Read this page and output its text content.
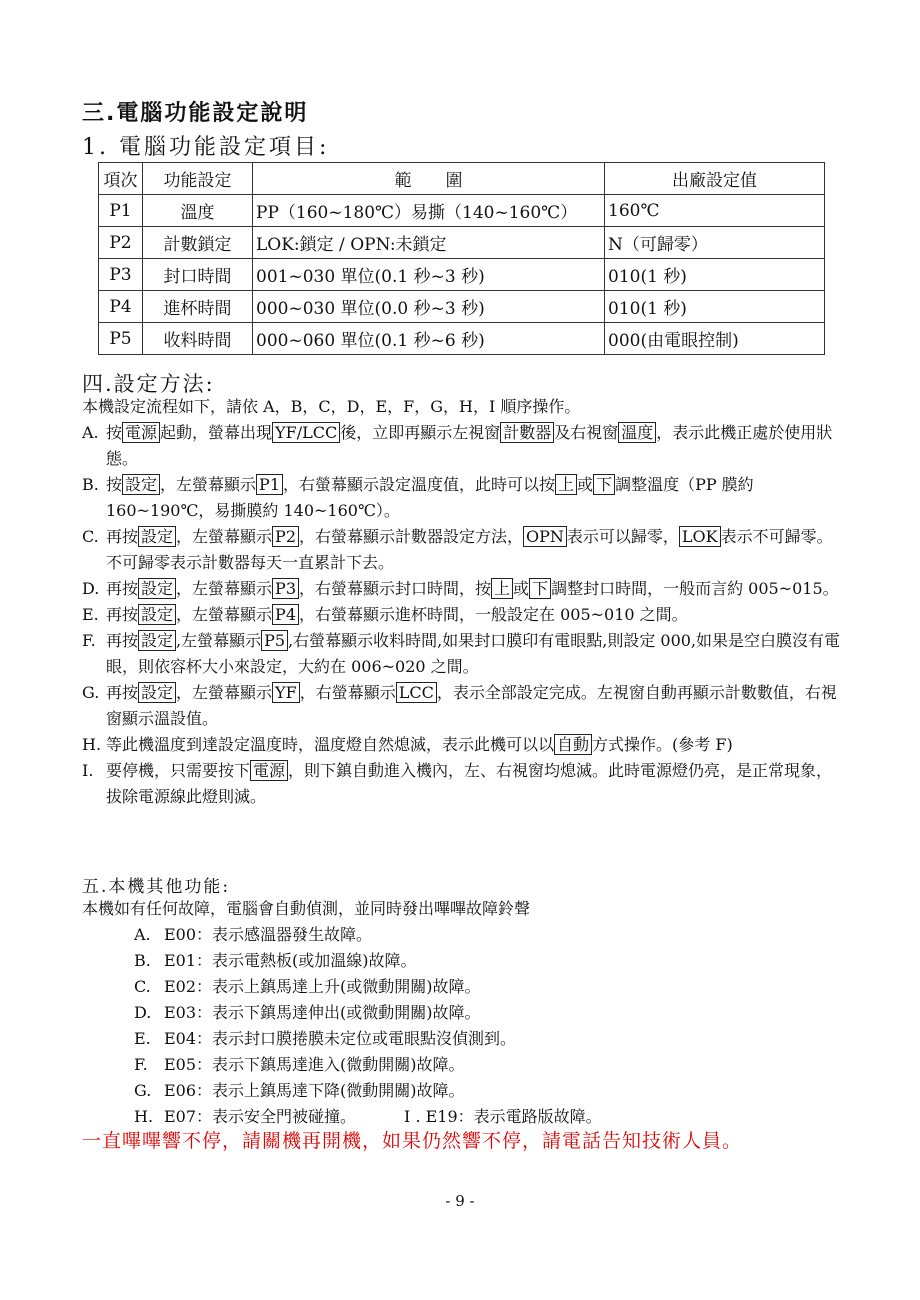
三.電腦功能設定說明
1. 電腦功能設定項目:
項次	功能設定	範　　圍	出廠設定值
P1	溫度	PP（160~180℃）易撕（140~160℃）	160℃
P2	計數鎖定	LOK:鎖定 / OPN:未鎖定	N（可歸零）
P3	封口時間	001~030 單位(0.1 秒~3 秒)	010(1 秒)
P4	進杯時間	000~030 單位(0.0 秒~3 秒)	010(1 秒)
P5	收料時間	000~060 單位(0.1 秒~6 秒)	000(由電眼控制)
四.設定方法:
本機設定流程如下，請依 A，B，C，D，E，F，G，H，I 順序操作。
A. 按 電源 起動，螢幕出現 YF/LCC 後，立即再顯示左視窗 計數器 及右視窗 溫度 ，表示此機正處於使用狀態。
B. 按 設定 ，左螢幕顯示 P1 ，右螢幕顯示設定溫度值，此時可以按 上 或 下 調整溫度（PP 膜約 160~190℃，易撕膜約 140~160℃）。
C. 再按 設定 ，左螢幕顯示 P2 ，右螢幕顯示計數器設定方法， OPN 表示可以歸零， LOK 表示不可歸零。不可歸零表示計數器每天一直累計下去。
D. 再按 設定 ，左螢幕顯示 P3 ，右螢幕顯示封口時間，按 上 或 下 調整封口時間，一般而言約 005~015。
E. 再按 設定 ，左螢幕顯示 P4 ，右螢幕顯示進杯時間，一般設定在 005~010 之間。
F. 再按 設定 ,左螢幕顯示 P5 ,右螢幕顯示收料時間,如果封口膜印有電眼點,則設定 000,如果是空白膜沒有電眼，則依容杯大小來設定，大約在 006~020 之間。
G. 再按 設定 ，左螢幕顯示 YF ，右螢幕顯示 LCC ，表示全部設定完成。左視窗自動再顯示計數數值，右視窗顯示溫設值。
H. 等此機溫度到達設定溫度時，溫度燈自然熄滅，表示此機可以以 自動 方式操作。(參考 F)
I. 要停機，只需要按下 電源 ，則下鎮自動進入機內，左、右視窗均熄滅。此時電源燈仍亮，是正常現象，拔除電源線此燈則滅。
五.本機其他功能:
本機如有任何故障，電腦會自動偵測，並同時發出嗶嗶故障鈴聲
A. E00：表示感溫器發生故障。
B. E01：表示電熱板(或加溫線)故障。
C. E02：表示上鎮馬達上升(或微動開關)故障。
D. E03：表示下鎮馬達伸出(或微動開關)故障。
E. E04：表示封口膜捲膜未定位或電眼點沒偵測到。
F. E05：表示下鎮馬達進入(微動開關)故障。
G. E06：表示上鎮馬達下降(微動開關)故障。
H. E07：表示安全門被碰撞。	I . E19：表示電路版故障。
一直嗶嗶響不停，請關機再開機，如果仍然響不停，請電話告知技術人員。
- 9 -
